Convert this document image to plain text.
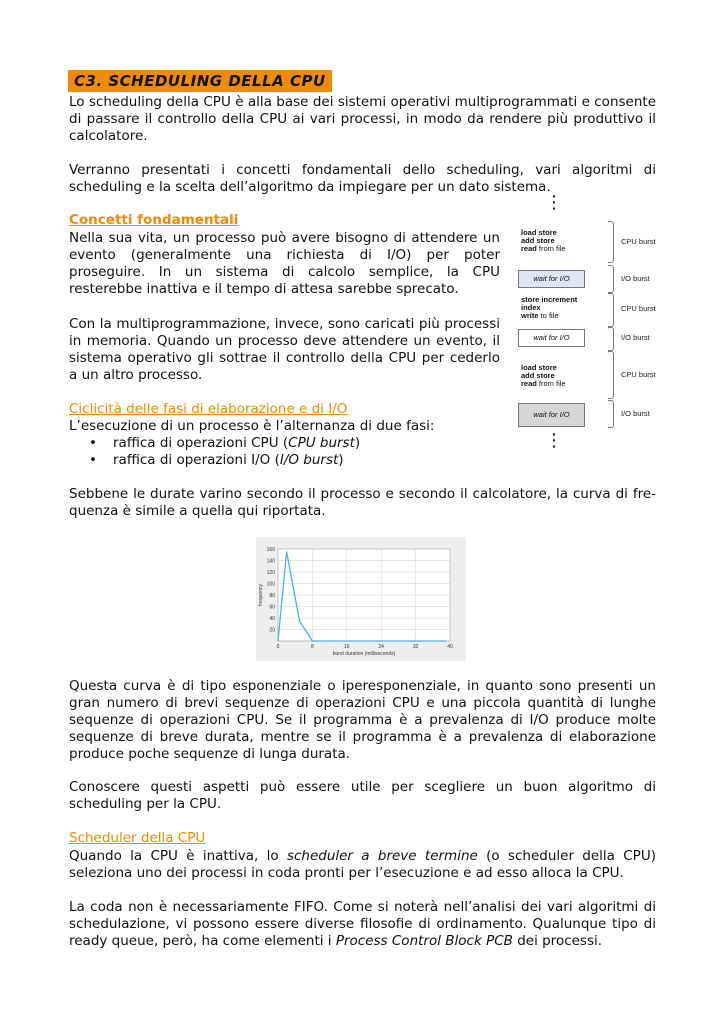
C3. SCHEDULING DELLA CPU
Lo scheduling della CPU è alla base dei sistemi operativi multiprogrammati e consente di passare il controllo della CPU ai vari processi, in modo da rendere più produttivo il calcolatore.
Verranno presentati i concetti fondamentali dello scheduling, vari algoritmi di scheduling e la scelta dell’algoritmo da impiegare per un dato sistema.
Concetti fondamentali
Nella sua vita, un processo può avere bisogno di attendere un evento (generalmente una richiesta di I/O) per poter proseguire. In un sistema di calcolo semplice, la CPU resterebbe inattiva e il tempo di attesa sarebbe sprecato.
Con la multiprogrammazione, invece, sono caricati più processi in memoria. Quando un processo deve attendere un evento, il sistema operativo gli sottrae il controllo della CPU per cederlo a un altro processo.
Ciclicità delle fasi di elaborazione e di I/O
L’esecuzione di un processo è l’alternanza di due fasi:
• raffica di operazioni CPU (CPU burst)
• raffica di operazioni I/O (I/O burst)
Sebbene le durate varino secondo il processo e secondo il calcolatore, la curva di frequenza è simile a quella qui riportata.
⋮
load store
add store
read from file
CPU burst
wait for I/O	I/O burst
store increment
index
write to file
CPU burst
wait for I/O	I/O burst
load store
add store
read from file
CPU burst
wait for I/O	I/O burst
⋮
20
40
60
80
100
120
140
160
0	8	16	24	32	40
burst duration (milliseconds)
frequency
Questa curva è di tipo esponenziale o iperesponenziale, in quanto sono presenti un gran numero di brevi sequenze di operazioni CPU e una piccola quantità di lunghe sequenze di operazioni CPU. Se il programma è a prevalenza di I/O produce molte sequenze di breve durata, mentre se il programma è a prevalenza di elaborazione produce poche sequenze di lunga durata.
Conoscere questi aspetti può essere utile per scegliere un buon algoritmo di scheduling per la CPU.
Scheduler della CPU
Quando la CPU è inattiva, lo scheduler a breve termine (o scheduler della CPU) seleziona uno dei processi in coda pronti per l’esecuzione e ad esso alloca la CPU.
La coda non è necessariamente FIFO. Come si noterà nell’analisi dei vari algoritmi di schedulazione, vi possono essere diverse filosofie di ordinamento. Qualunque tipo di ready queue, però, ha come elementi i Process Control Block PCB dei processi.
